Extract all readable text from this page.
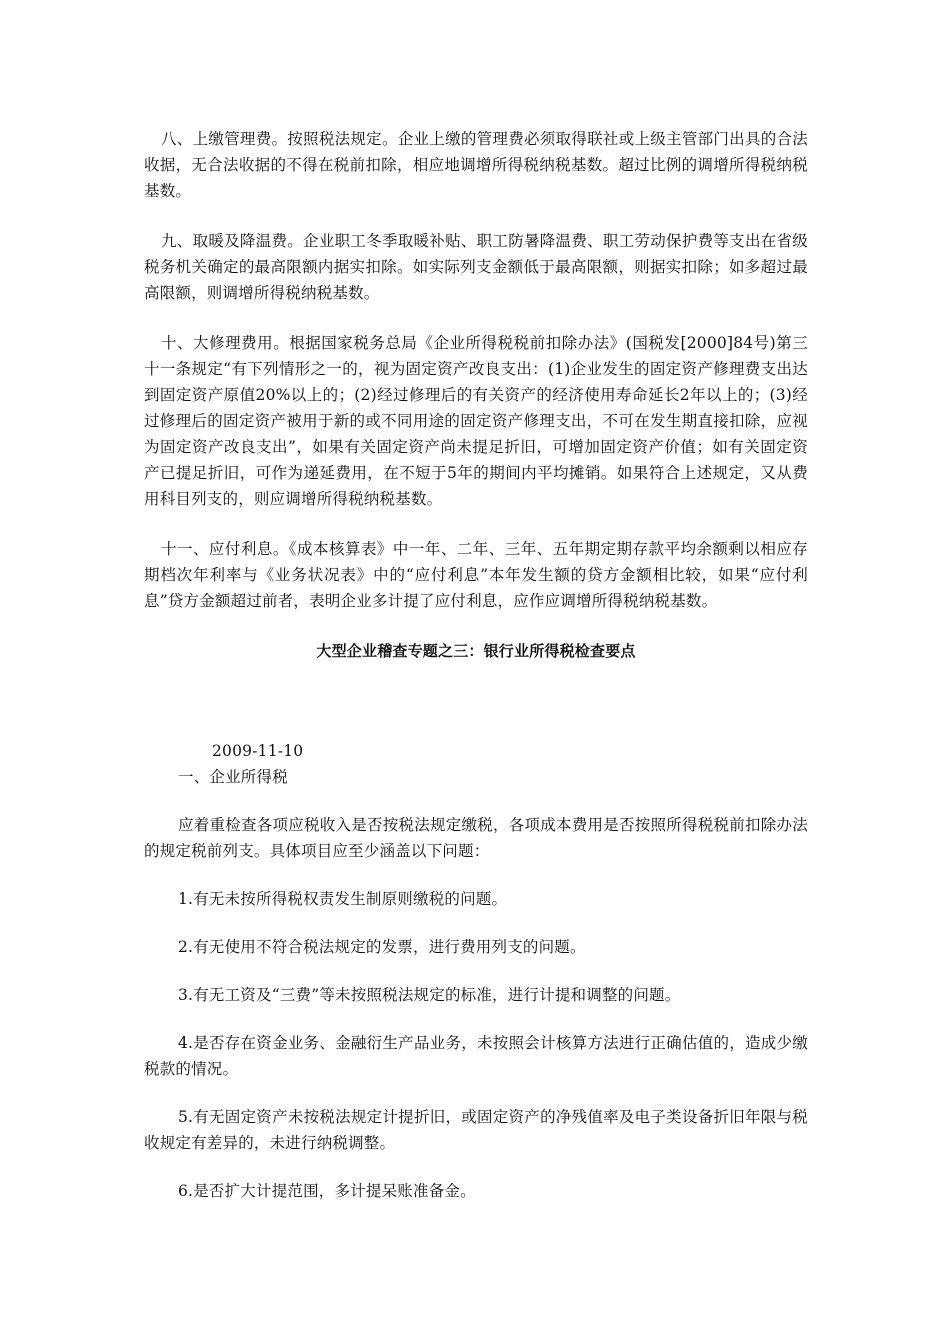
八、上缴管理费。按照税法规定。企业上缴的管理费必须取得联社或上级主管部门出具的合法收据，无合法收据的不得在税前扣除，相应地调增所得税纳税基数。超过比例的调增所得税纳税基数。

九、取暖及降温费。企业职工冬季取暖补贴、职工防暑降温费、职工劳动保护费等支出在省级税务机关确定的最高限额内据实扣除。如实际列支金额低于最高限额，则据实扣除；如多超过最高限额，则调增所得税纳税基数。

十、大修理费用。根据国家税务总局《企业所得税税前扣除办法》(国税发[2000]84号)第三十一条规定“有下列情形之一的，视为固定资产改良支出：(1)企业发生的固定资产修理费支出达到固定资产原值20%以上的；(2)经过修理后的有关资产的经济使用寿命延长2年以上的；(3)经过修理后的固定资产被用于新的或不同用途的固定资产修理支出，不可在发生期直接扣除，应视为固定资产改良支出”，如果有关固定资产尚未提足折旧，可增加固定资产价值；如有关固定资产已提足折旧，可作为递延费用，在不短于5年的期间内平均摊销。如果符合上述规定，又从费用科目列支的，则应调增所得税纳税基数。

十一、应付利息。《成本核算表》中一年、二年、三年、五年期定期存款平均余额剩以相应存期档次年利率与《业务状况表》中的“应付利息”本年发生额的贷方金额相比较，如果“应付利息”贷方金额超过前者，表明企业多计提了应付利息，应作应调增所得税纳税基数。

大型企业稽查专题之三：银行业所得税检查要点

2009-11-10

一、企业所得税

应着重检查各项应税收入是否按税法规定缴税，各项成本费用是否按照所得税税前扣除办法的规定税前列支。具体项目应至少涵盖以下问题：

1.有无未按所得税权责发生制原则缴税的问题。

2.有无使用不符合税法规定的发票，进行费用列支的问题。

3.有无工资及“三费”等未按照税法规定的标准，进行计提和调整的问题。

4.是否存在资金业务、金融衍生产品业务，未按照会计核算方法进行正确估值的，造成少缴税款的情况。

5.有无固定资产未按税法规定计提折旧，或固定资产的净残值率及电子类设备折旧年限与税收规定有差异的，未进行纳税调整。

6.是否扩大计提范围，多计提呆账准备金。
